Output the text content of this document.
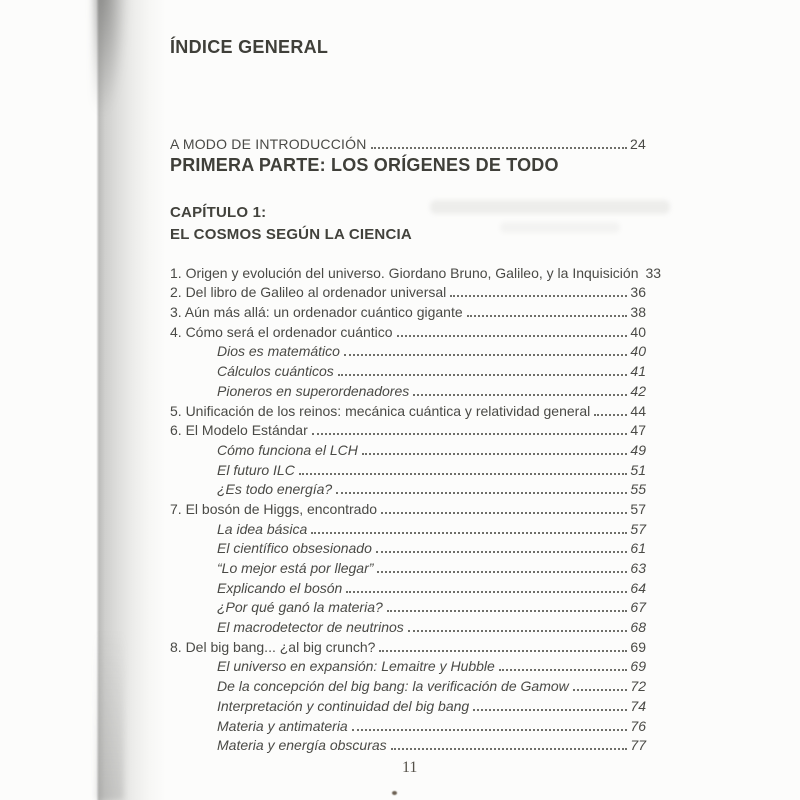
ÍNDICE GENERAL
A MODO DE INTRODUCCIÓN	24
PRIMERA PARTE: LOS ORÍGENES DE TODO
CAPÍTULO 1:
EL COSMOS SEGÚN LA CIENCIA
1. Origen y evolución del universo. Giordano Bruno, Galileo, y la Inquisición 33
2. Del libro de Galileo al ordenador universal	36
3. Aún más allá: un ordenador cuántico gigante	38
4. Cómo será el ordenador cuántico	40
Dios es matemático	40
Cálculos cuánticos	41
Pioneros en superordenadores	42
5. Unificación de los reinos: mecánica cuántica y relatividad general	44
6. El Modelo Estándar	47
Cómo funciona el LCH	49
El futuro ILC	51
¿Es todo energía?	55
7. El bosón de Higgs, encontrado	57
La idea básica	57
El científico obsesionado	61
“Lo mejor está por llegar”	63
Explicando el bosón	64
¿Por qué ganó la materia?	67
El macrodetector de neutrinos	68
8. Del big bang... ¿al big crunch?	69
El universo en expansión: Lemaitre y Hubble	69
De la concepción del big bang: la verificación de Gamow	72
Interpretación y continuidad del big bang	74
Materia y antimateria	76
Materia y energía obscuras	77
11
